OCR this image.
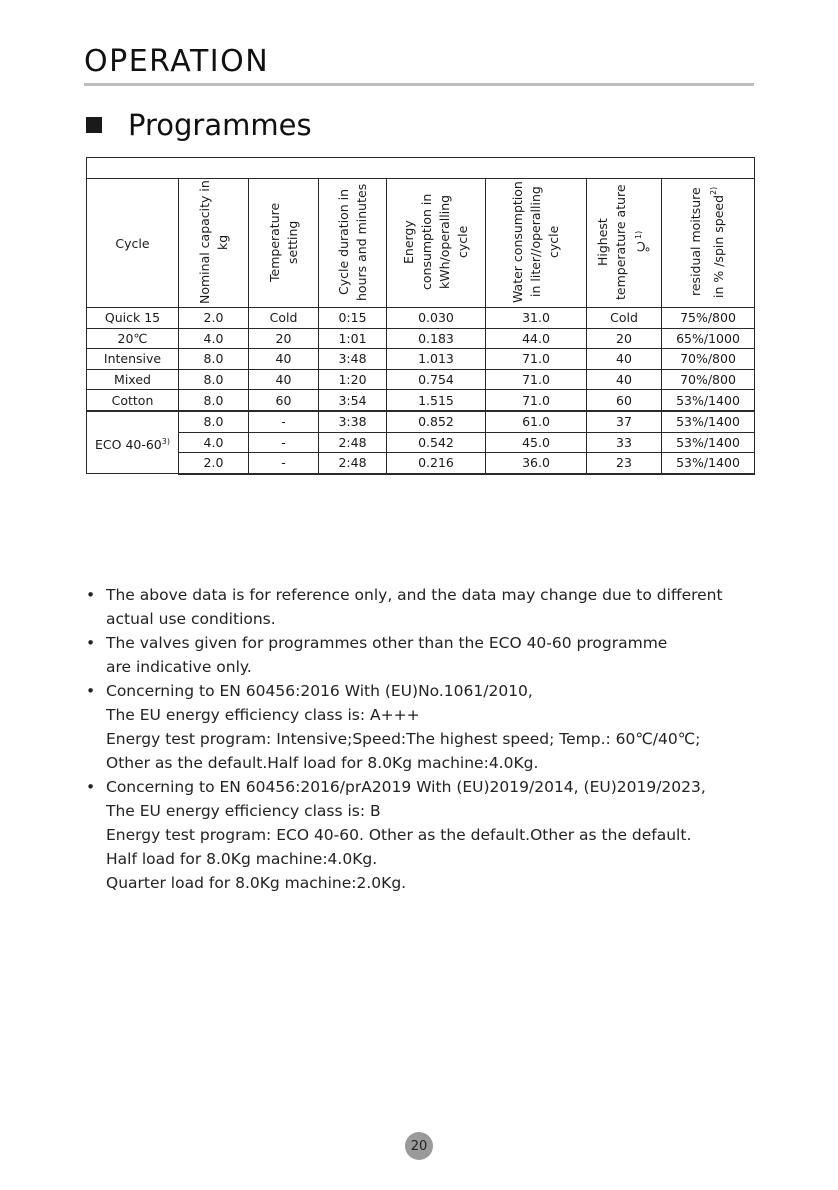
OPERATION
Programmes

Cycle	Nominal capacity in kg	Temperature setting	Cycle duration in hours and minutes	Energy consumption in kWh/operalling cycle	Water consumption in liter//operalling cycle	Highest temperature ature ℃$^{1)}$	residual moitsure in % /spin speed$^{2)}$
Quick 15	2.0	Cold	0:15	0.030	31.0	Cold	75%/800
20℃	4.0	20	1:01	0.183	44.0	20	65%/1000
Intensive	8.0	40	3:48	1.013	71.0	40	70%/800
Mixed	8.0	40	1:20	0.754	71.0	40	70%/800
Cotton	8.0	60	3:54	1.515	71.0	60	53%/1400
ECO 40-60$^{3)}$	8.0	-	3:38	0.852	61.0	37	53%/1400
	4.0	-	2:48	0.542	45.0	33	53%/1400
	2.0	-	2:48	0.216	36.0	23	53%/1400
• The above data is for reference only, and the data may change due to different
actual use conditions.
• The valves given for programmes other than the ECO 40-60 programme
are indicative only.
• Concerning to EN 60456:2016 With (EU)No.1061/2010,
The EU energy efficiency class is: A+++
Energy test program: Intensive;Speed:The highest speed; Temp.: 60℃/40℃;
Other as the default.Half load for 8.0Kg machine:4.0Kg.
• Concerning to EN 60456:2016/prA2019 With (EU)2019/2014, (EU)2019/2023,
The EU energy efficiency class is: B
Energy test program: ECO 40-60. Other as the default.Other as the default.
Half load for 8.0Kg machine:4.0Kg.
Quarter load for 8.0Kg machine:2.0Kg.
20
